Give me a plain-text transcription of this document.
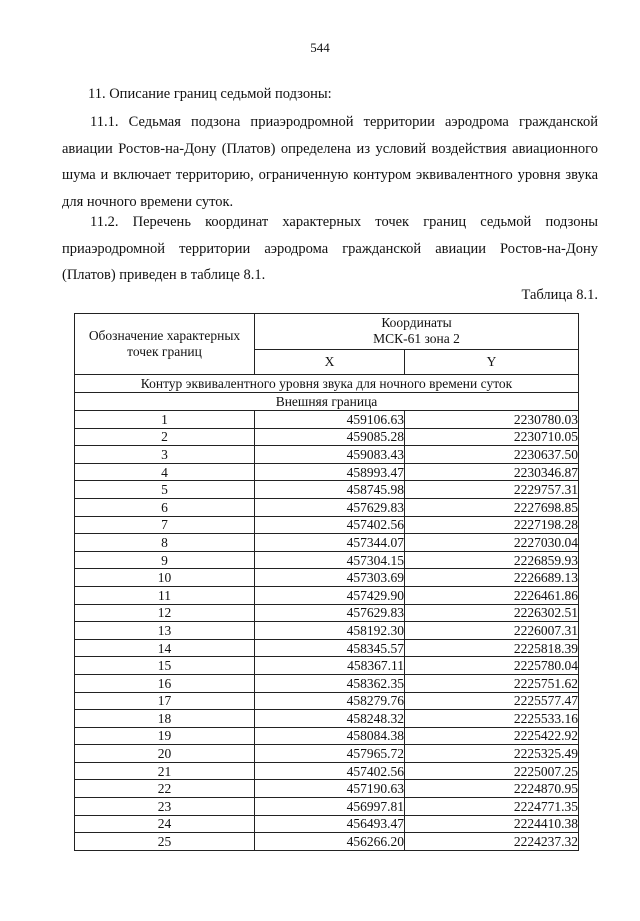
544
11. Описание границ седьмой подзоны:
11.1. Седьмая подзона приаэродромной территории аэродрома гражданской авиации Ростов-на-Дону (Платов) определена из условий воздействия авиационного шума и включает территорию, ограниченную контуром эквивалентного уровня звука для ночного времени суток.
11.2. Перечень координат характерных точек границ седьмой подзоны приаэродромной территории аэродрома гражданской авиации Ростов-на-Дону (Платов) приведен в таблице 8.1.
Таблица 8.1.
Обозначение характерных точек границ	Координаты
МСК-61 зона 2	

	X	Y
Контур эквивалентного уровня звука для ночного времени суток		
Внешняя граница		
1	459106.63	2230780.03
2	459085.28	2230710.05
3	459083.43	2230637.50
4	458993.47	2230346.87
5	458745.98	2229757.31
6	457629.83	2227698.85
7	457402.56	2227198.28
8	457344.07	2227030.04
9	457304.15	2226859.93
10	457303.69	2226689.13
11	457429.90	2226461.86
12	457629.83	2226302.51
13	458192.30	2226007.31
14	458345.57	2225818.39
15	458367.11	2225780.04
16	458362.35	2225751.62
17	458279.76	2225577.47
18	458248.32	2225533.16
19	458084.38	2225422.92
20	457965.72	2225325.49
21	457402.56	2225007.25
22	457190.63	2224870.95
23	456997.81	2224771.35
24	456493.47	2224410.38
25	456266.20	2224237.32
